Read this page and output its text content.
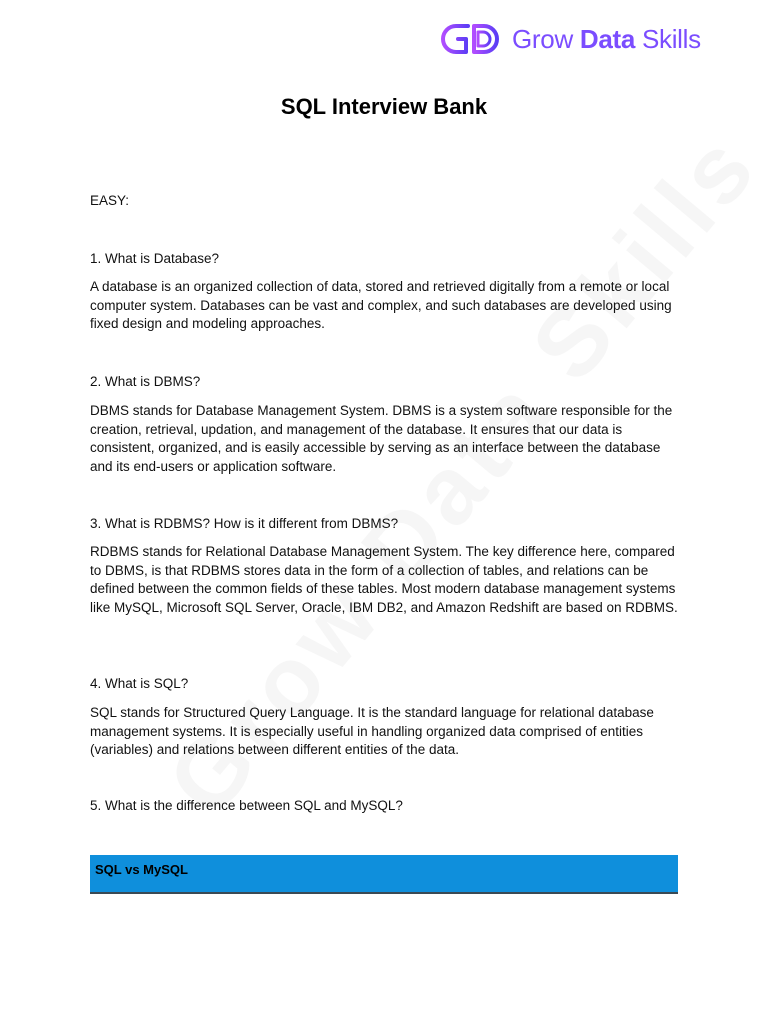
Grow Data Skills
SQL Interview Bank
EASY:
1. What is Database?
A database is an organized collection of data, stored and retrieved digitally from a remote or local computer system. Databases can be vast and complex, and such databases are developed using fixed design and modeling approaches.
2. What is DBMS?
DBMS stands for Database Management System. DBMS is a system software responsible for the creation, retrieval, updation, and management of the database. It ensures that our data is consistent, organized, and is easily accessible by serving as an interface between the database and its end-users or application software.
3. What is RDBMS? How is it different from DBMS?
RDBMS stands for Relational Database Management System. The key difference here, compared to DBMS, is that RDBMS stores data in the form of a collection of tables, and relations can be defined between the common fields of these tables. Most modern database management systems like MySQL, Microsoft SQL Server, Oracle, IBM DB2, and Amazon Redshift are based on RDBMS.
4. What is SQL?
SQL stands for Structured Query Language. It is the standard language for relational database management systems. It is especially useful in handling organized data comprised of entities (variables) and relations between different entities of the data.
5. What is the difference between SQL and MySQL?
SQL vs MySQL
